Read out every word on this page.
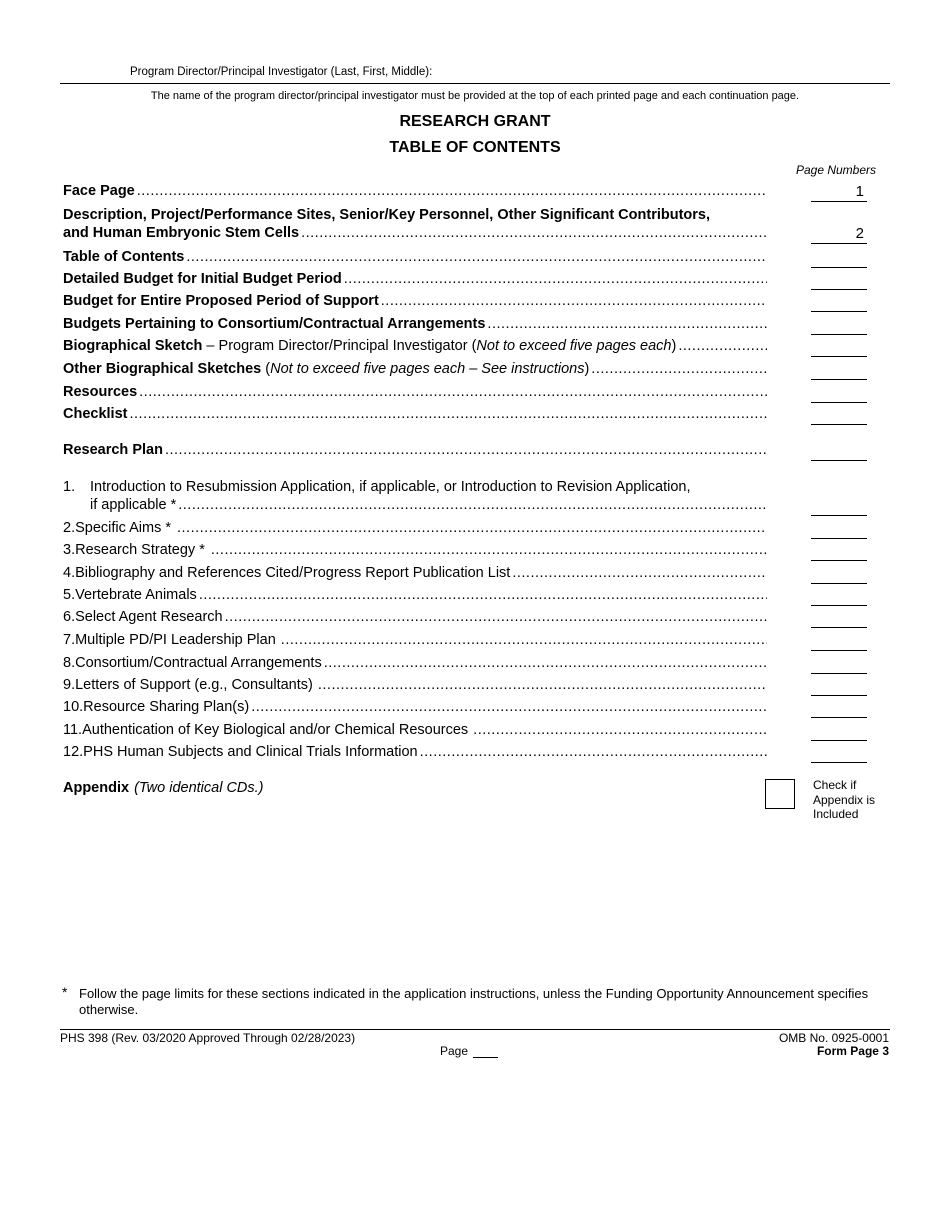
Program Director/Principal Investigator (Last, First, Middle):
The name of the program director/principal investigator must be provided at the top of each printed page and each continuation page.
RESEARCH GRANT
TABLE OF CONTENTS
Page Numbers
Face Page .....	1
Description, Project/Performance Sites, Senior/Key Personnel, Other Significant Contributors,
and Human Embryonic Stem Cells .....	2
Table of Contents
.....
Detailed Budget for Initial Budget Period
.....
Budget for Entire Proposed Period of Support
.....
Budgets Pertaining to Consortium/Contractual Arrangements
.....
Biographical Sketch – Program Director/Principal Investigator (Not to exceed five pages each)
.....
Other Biographical Sketches (Not to exceed five pages each – See instructions)
.....
Resources
.....
Checklist
.....
Research Plan
.....
1.	Introduction to Resubmission Application, if applicable, or Introduction to Revision Application,
if applicable *
.....
2. Specific Aims *
.....
3. Research Strategy *
.....
4. Bibliography and References Cited/Progress Report Publication List
.....
5. Vertebrate Animals
.....
6. Select Agent Research
.....
7. Multiple PD/PI Leadership Plan
.....
8. Consortium/Contractual Arrangements
.....
9. Letters of Support (e.g., Consultants)
.....
10. Resource Sharing Plan(s)
.....
11. Authentication of Key Biological and/or Chemical Resources
.....
12. PHS Human Subjects and Clinical Trials Information
.....
Appendix (Two identical CDs.)	Check if
Appendix is
Included
* Follow the page limits for these sections indicated in the application instructions, unless the Funding Opportunity Announcement specifies otherwise.
PHS 398 (Rev. 03/2020 Approved Through 02/28/2023)
Page
OMB No. 0925-0001
Form Page 3
